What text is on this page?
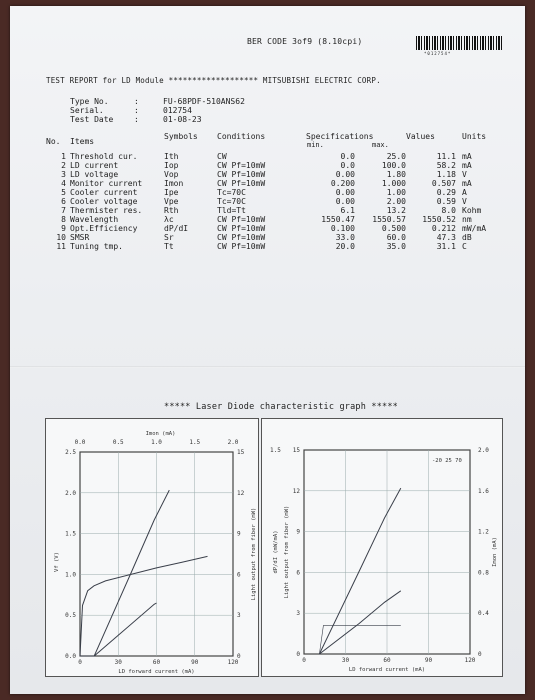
BER CODE 3of9 (8.10cpi)
*012754*
TEST REPORT for LD Module ******************* MITSUBISHI ELECTRIC CORP.
Type No.	:	FU-68PDF-510ANS62
Serial.	:	012754
Test Date	:	01-08-23
No. Items
Symbols Conditions	Specifications
min.	max.
Values	Units
1 Threshold cur.	Ith	CW	0.0	25.0	11.1 mA
2 LD current	Iop	CW Pf=10mW	0.0	100.0	58.2 mA
3 LD voltage	Vop	CW Pf=10mW	0.00	1.80	1.18 V
4 Monitor current	Imon	CW Pf=10mW	0.200	1.000	0.507 mA
5 Cooler current	Ipe	Tc=70C	0.00	1.00	0.29 A
6 Cooler voltage	Vpe	Tc=70C	0.00	2.00	0.59 V
7 Thermister res.	Rth	Tld=Tt	6.1	13.2	8.0 Kohm
8 Wavelength	λc	CW Pf=10mW	1550.47	1550.57	1550.52 nm
9 Opt.Efficiency	dP/dI	CW Pf=10mW	0.100	0.500	0.212 mW/mA
10 SMSR	Sr	CW Pf=10mW	33.0	60.0	47.3 dB
11 Tuning tmp.	Tt	CW Pf=10mW	20.0	35.0	31.1 C
***** Laser Diode characteristic graph *****
0	30	60	90	120
LD forward current (mA)
0.0
0.5
1.0
1.5
2.0
2.5
0
3
6
9
12
15
0.0	0.5	1.0	1.5	2.0
Imon (mA)
Vf (V)	Light output from fiber (mW)
0	30	60	90	120
LD forward current (mA)
0
3
6
9
12
15
1.5
0
0.4
0.8
1.2
1.6
2.0
-20 25 70
dP/dI (mW/mA) Light output from fiber (mW)	Imon (mA)
